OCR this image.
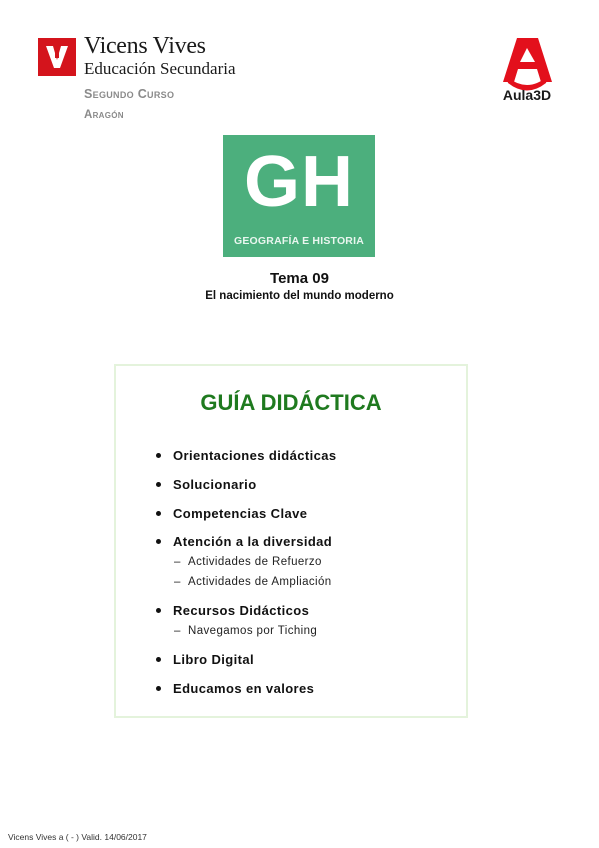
Vicens Vives
Educación Secundaria
Segundo Curso
Aragón
Aula3D
GH
GEOGRAFÍA E HISTORIA
Tema 09
El nacimiento del mundo moderno
GUÍA DIDÁCTICA
Orientaciones didácticas
Solucionario
Competencias Clave
Atención a la diversidad
– Actividades de Refuerzo
– Actividades de Ampliación
Recursos Didácticos
– Navegamos por Tiching
Libro Digital
Educamos en valores
Vicens Vives a ( - ) Valid. 14/06/2017
